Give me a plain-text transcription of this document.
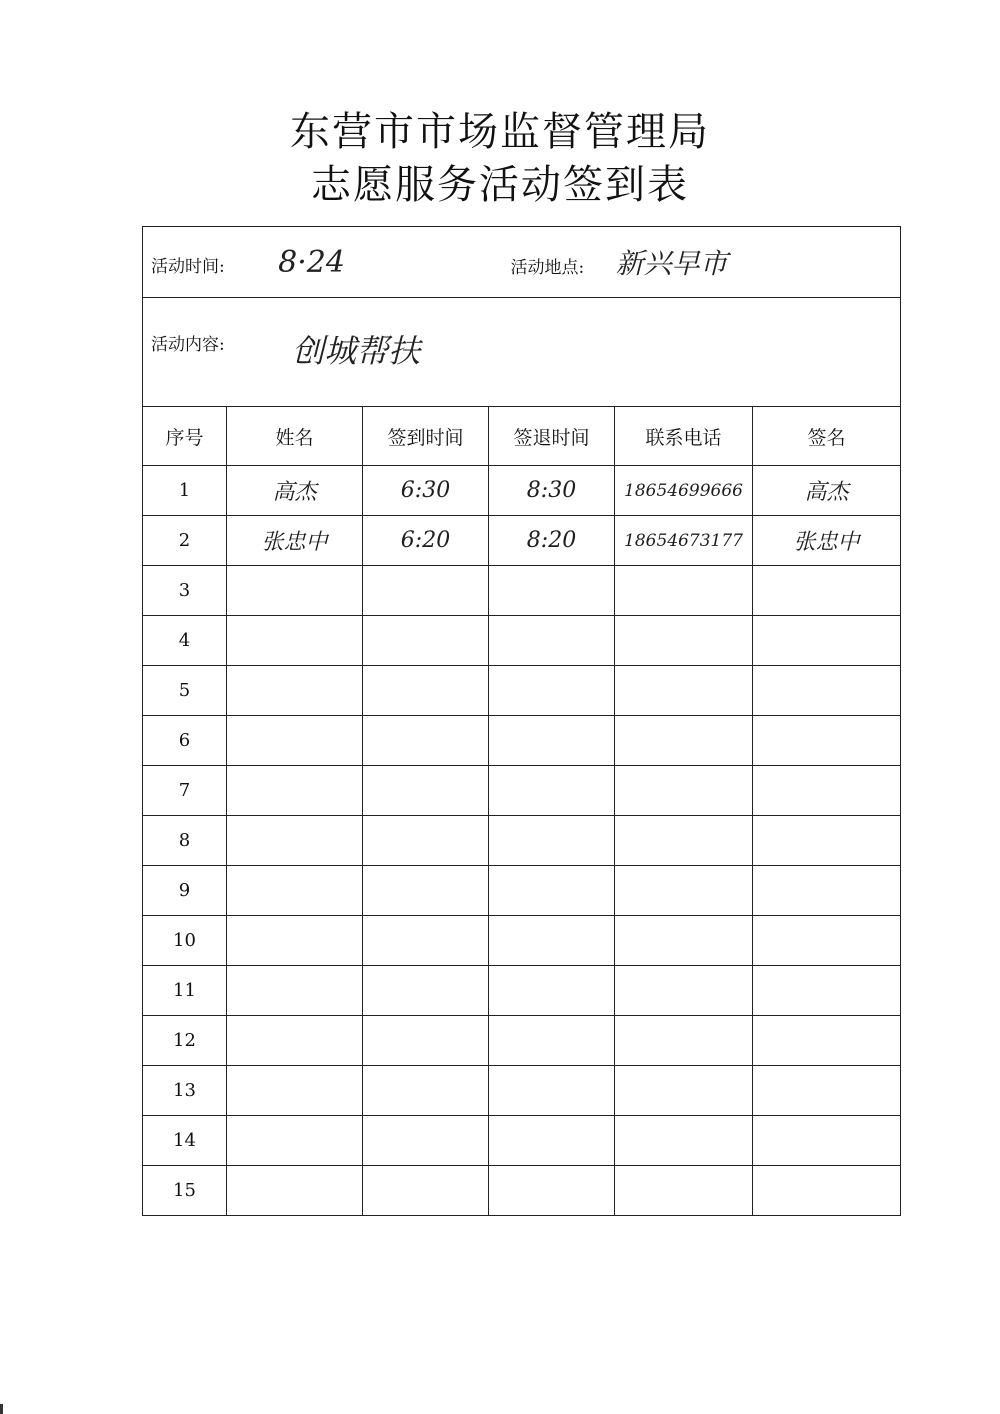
东营市市场监督管理局
志愿服务活动签到表
活动时间: 8·24		活动地点: 新兴早市			
活动内容: 创城帮扶					
序号	姓名	签到时间	签退时间	联系电话	签名
1	高杰	6:30	8:30	18654699666	高杰
2	张忠中	6:20	8:20	18654673177	张忠中
3					
4					
5					
6					
7					
8					
9					
10					
11					
12					
13					
14					
15					
